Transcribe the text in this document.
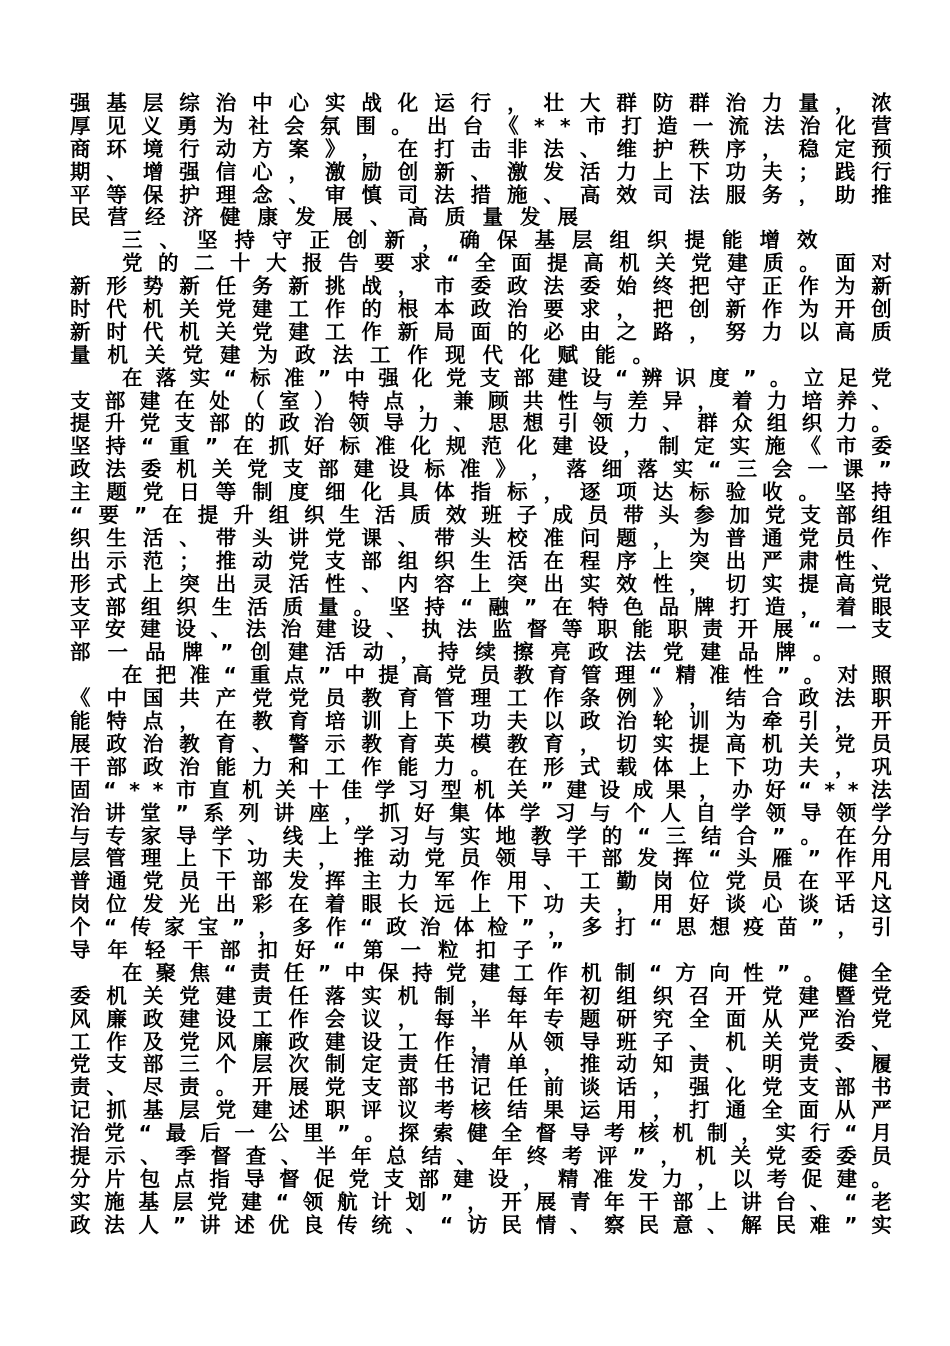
强 基 层 综 治 中 心 实 战 化 运 行 ， 壮 大 群 防 群 治 力 量 ， 浓
厚 见 义 勇 为 社 会 氛 围 。 出 台 《 * * 市 打 造 一 流 法 治 化 营
商 环 境 行 动 方 案 》 ， 在 打 击 非 法 、 维 护 秩 序 ， 稳 定 预
期 、 增 强 信 心 ， 激 励 创 新 、 激 发 活 力 上 下 功 夫 ； 践 行
平 等 保 护 理 念 、 审 慎 司 法 措 施 、 高 效 司 法 服 务 ， 助 推
民营经济健康发展、高质量发展
三、坚持守正创新，确保基层组织提能增效
党 的 二 十 大 报 告 要 求 “ 全 面 提 高 机 关 党 建 质 。 面 对
新 形 势 新 任 务 新 挑 战 ， 市 委 政 法 委 始 终 把 守 正 作 为 新
时 代 机 关 党 建 工 作 的 根 本 政 治 要 求 ， 把 创 新 作 为 开 创
新 时 代 机 关 党 建 工 作 新 局 面 的 必 由 之 路 ， 努 力 以 高 质
量机关党建为政法工作现代化赋能。
在 落 实 “ 标 准 ” 中 强 化 党 支 部 建 设 “ 辨 识 度 ” 。 立 足 党
支 部 建 在 处 （ 室 ） 特 点 ， 兼 顾 共 性 与 差 异 ， 着 力 培 养 、
提 升 党 支 部 的 政 治 领 导 力 、 思 想 引 领 力 、 群 众 组 织 力 。
坚 持 “ 重 ” 在 抓 好 标 准 化 规 范 化 建 设 ， 制 定 实 施 《 市 委
政 法 委 机 关 党 支 部 建 设 标 准 》 ， 落 细 落 实 “ 三 会 一 课 ”
主 题 党 日 等 制 度 细 化 具 体 指 标 ， 逐 项 达 标 验 收 。 坚 持
“ 要 ” 在 提 升 组 织 生 活 质 效 班 子 成 员 带 头 参 加 党 支 部 组
织 生 活 、 带 头 讲 党 课 、 带 头 校 准 问 题 ， 为 普 通 党 员 作
出 示 范 ； 推 动 党 支 部 组 织 生 活 在 程 序 上 突 出 严 肃 性 、
形 式 上 突 出 灵 活 性 、 内 容 上 突 出 实 效 性 ， 切 实 提 高 党
支 部 组 织 生 活 质 量 。 坚 持 “ 融 ” 在 特 色 品 牌 打 造 ， 着 眼
平 安 建 设 、 法 治 建 设 、 执 法 监 督 等 职 能 职 责 开 展 “ 一 支
部一品牌”创建活动，持续擦亮政法党建品牌。
在 把 准 “ 重 点 ” 中 提 高 党 员 教 育 管 理 “ 精 准 性 ” 。 对 照
《 中 国 共 产 党 党 员 教 育 管 理 工 作 条 例 》 ， 结 合 政 法 职
能 特 点 ， 在 教 育 培 训 上 下 功 夫 以 政 治 轮 训 为 牵 引 ， 开
展 政 治 教 育 、 警 示 教 育 英 模 教 育 ， 切 实 提 高 机 关 党 员
干 部 政 治 能 力 和 工 作 能 力 。 在 形 式 载 体 上 下 功 夫 ， 巩
固 “ * * 市 直 机 关 十 佳 学 习 型 机 关 ” 建 设 成 果 ， 办 好 “ * * 法
治 讲 堂 ” 系 列 讲 座 ， 抓 好 集 体 学 习 与 个 人 自 学 领 导 领 学
与 专 家 导 学 、 线 上 学 习 与 实 地 教 学 的 “ 三 结 合 ” 。 在 分
层 管 理 上 下 功 夫 ， 推 动 党 员 领 导 干 部 发 挥 “ 头 雁 ” 作 用
普 通 党 员 干 部 发 挥 主 力 军 作 用 、 工 勤 岗 位 党 员 在 平 凡
岗 位 发 光 出 彩 在 着 眼 长 远 上 下 功 夫 ， 用 好 谈 心 谈 话 这
个 “ 传 家 宝 ” ， 多 作 “ 政 治 体 检 ” ， 多 打 “ 思 想 疫 苗 ” ， 引
导年轻干部扣好“第一粒扣子”
在 聚 焦 “ 责 任 ” 中 保 持 党 建 工 作 机 制 “ 方 向 性 ” 。 健 全
委 机 关 党 建 责 任 落 实 机 制 ， 每 年 初 组 织 召 开 党 建 暨 党
风 廉 政 建 设 工 作 会 议 ， 每 半 年 专 题 研 究 全 面 从 严 治 党
工 作 及 党 风 廉 政 建 设 工 作 ， 从 领 导 班 子 、 机 关 党 委 、
党 支 部 三 个 层 次 制 定 责 任 清 单 ， 推 动 知 责 、 明 责 、 履
责 、 尽 责 。 开 展 党 支 部 书 记 任 前 谈 话 ， 强 化 党 支 部 书
记 抓 基 层 党 建 述 职 评 议 考 核 结 果 运 用 ， 打 通 全 面 从 严
治 党 “ 最 后 一 公 里 ” 。 探 索 健 全 督 导 考 核 机 制 ， 实 行 “ 月
提 示 、 季 督 查 、 半 年 总 结 、 年 终 考 评 ” ， 机 关 党 委 委 员
分 片 包 点 指 导 督 促 党 支 部 建 设 ， 精 准 发 力 ， 以 考 促 建 。
实 施 基 层 党 建 “ 领 航 计 划 ” ， 开 展 青 年 干 部 上 讲 台 、 “ 老
政 法 人 ” 讲 述 优 良 传 统 、 “ 访 民 情 、 察 民 意 、 解 民 难 ” 实
